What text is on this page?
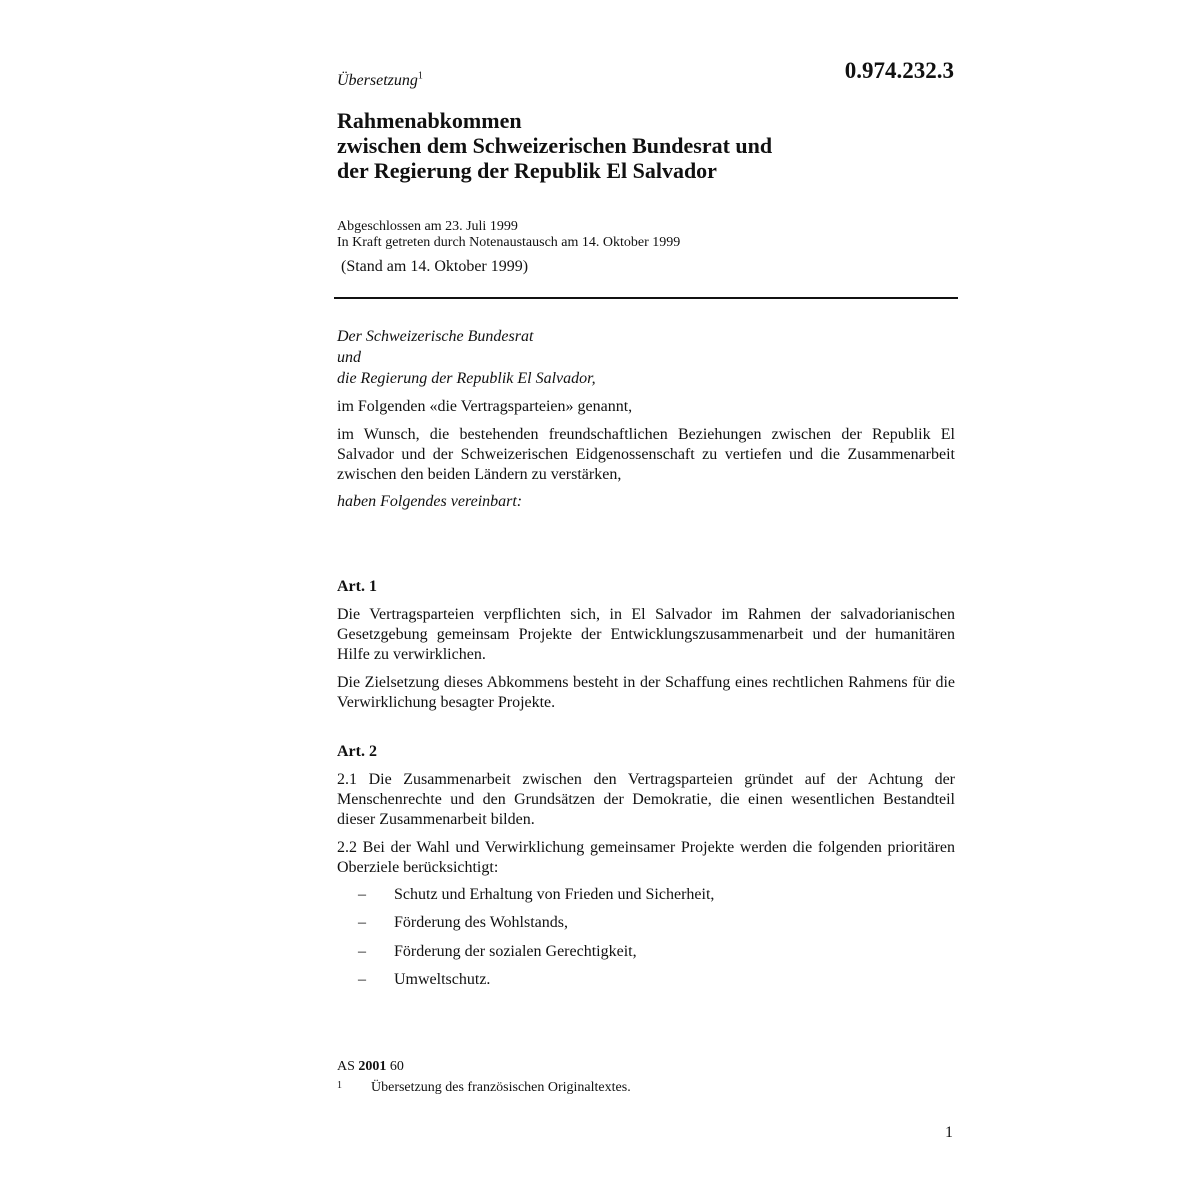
0.974.232.3
Übersetzung$^1$
Rahmenabkommen
zwischen dem Schweizerischen Bundesrat und
der Regierung der Republik El Salvador
Abgeschlossen am 23. Juli 1999
In Kraft getreten durch Notenaustausch am 14. Oktober 1999
(Stand am 14. Oktober 1999)
Der Schweizerische Bundesrat
und
die Regierung der Republik El Salvador,
im Folgenden «die Vertragsparteien» genannt,
im Wunsch, die bestehenden freundschaftlichen Beziehungen zwischen der Republik El Salvador und der Schweizerischen Eidgenossenschaft zu vertiefen und die Zusammenarbeit zwischen den beiden Ländern zu verstärken,
haben Folgendes vereinbart:
Art. 1
Die Vertragsparteien verpflichten sich, in El Salvador im Rahmen der salvadorianischen Gesetzgebung gemeinsam Projekte der Entwicklungszusammenarbeit und der humanitären Hilfe zu verwirklichen.
Die Zielsetzung dieses Abkommens besteht in der Schaffung eines rechtlichen Rahmens für die Verwirklichung besagter Projekte.
Art. 2
2.1 Die Zusammenarbeit zwischen den Vertragsparteien gründet auf der Achtung der Menschenrechte und den Grundsätzen der Demokratie, die einen wesentlichen Bestandteil dieser Zusammenarbeit bilden.
2.2 Bei der Wahl und Verwirklichung gemeinsamer Projekte werden die folgenden prioritären Oberziele berücksichtigt:
– Schutz und Erhaltung von Frieden und Sicherheit,
– Förderung des Wohlstands,
– Förderung der sozialen Gerechtigkeit,
– Umweltschutz.
AS 2001 60
1 Übersetzung des französischen Originaltextes.
1
